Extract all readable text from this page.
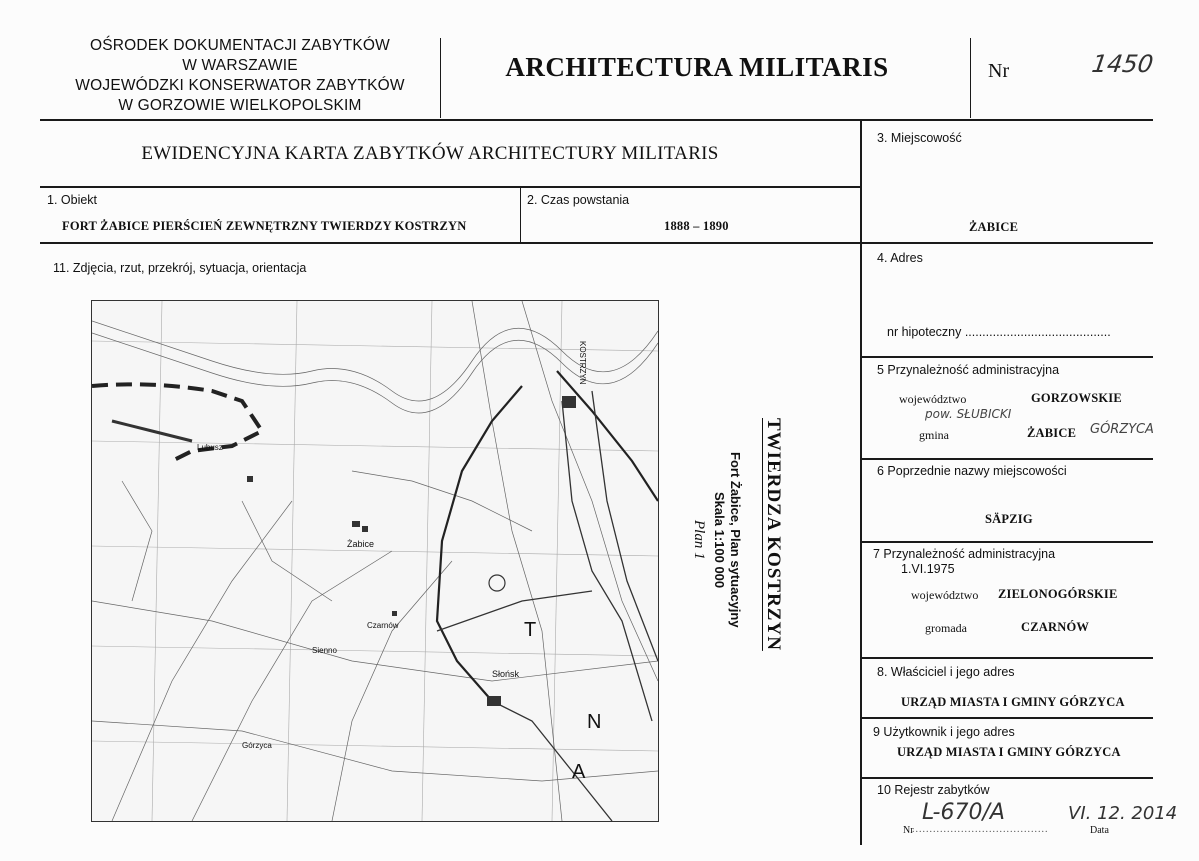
OŚRODEK DOKUMENTACJI ZABYTKÓW
W WARSZAWIE
WOJEWÓDZKI KONSERWATOR ZABYTKÓW
W GORZOWIE WIELKOPOLSKIM
ARCHITECTURA MILITARIS	Nr	1450
EWIDENCYJNA KARTA ZABYTKÓW ARCHITECTURY MILITARIS
1. Obiekt
FORT ŻABICE PIERŚCIEŃ ZEWNĘTRZNY TWIERDZY KOSTRZYN
2. Czas powstania
1888 – 1890
3. Miejscowość
ŻABICE
4. Adres
nr hipoteczny ..........................................
11. Zdjęcia, rzut, przekrój, sytuacja, orientacja
5 Przynależność administracyjna
województwo	GORZOWSKIE
pow. SŁUBICKI
gmina	ŻABICE GÓRZYCA
6 Poprzednie nazwy miejscowości
SÄPZIG
7 Przynależność administracyjna
1.VI.1975
województwo ZIELONOGÓRSKIE
gromada	CZARNÓW
8. Właściciel i jego adres
URZĄD MIASTA I GMINY GÓRZYCA
9 Użytkownik i jego adres
URZĄD MIASTA I GMINY GÓRZYCA
10 Rejestr zabytków
L-670/A
Nr
.......................................
VI. 12. 2014
Data
Żabice
KOSTRZYN
Słońsk
Czarnów
Sienno
Górzyca
Lubusz
N
A
T	TWIERDZA KOSTRZYN
Fort Żabice, Plan sytuacyjny
Skala 1:100 000
Plan 1
